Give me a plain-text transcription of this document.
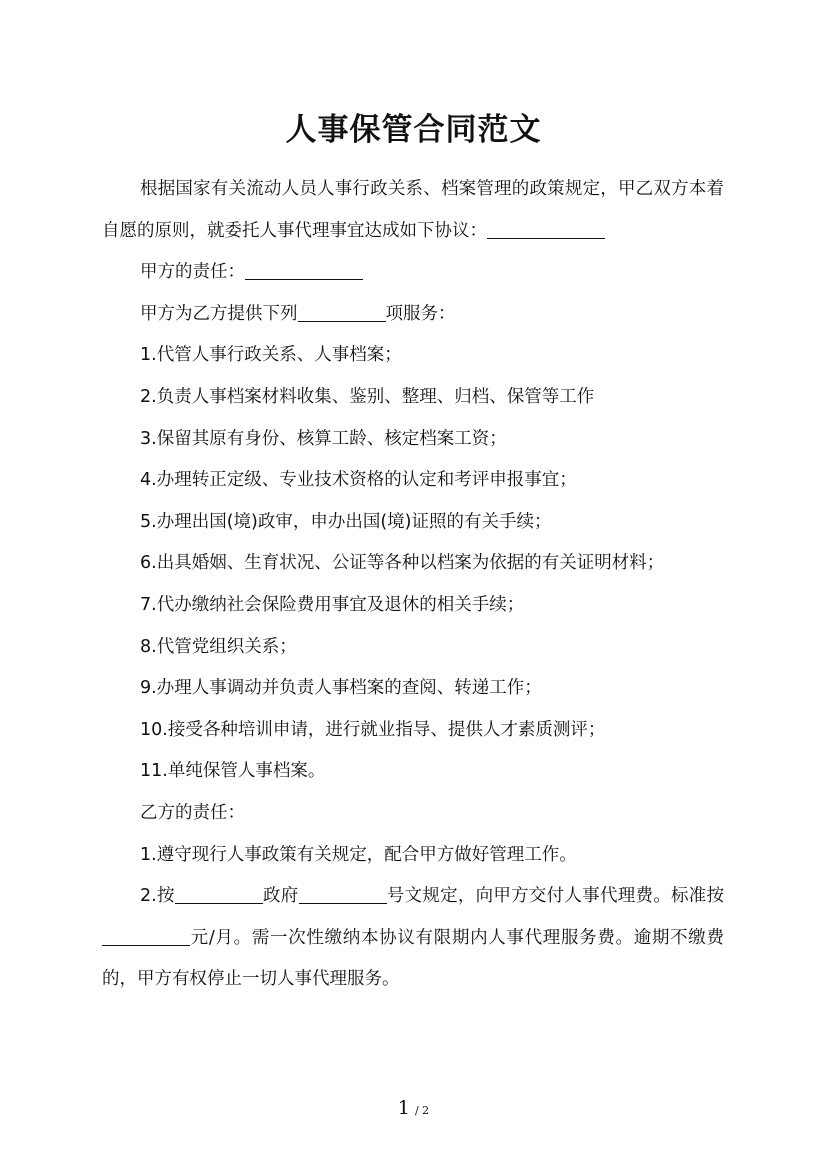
人事保管合同范文

根据国家有关流动人员人事行政关系、档案管理的政策规定，甲乙双方本着自愿的原则，就委托人事代理事宜达成如下协议：

甲方的责任：

甲方为乙方提供下列	项服务：

1.代管人事行政关系、人事档案；

2.负责人事档案材料收集、鉴别、整理、归档、保管等工作

3.保留其原有身份、核算工龄、核定档案工资；

4.办理转正定级、专业技术资格的认定和考评申报事宜；

5.办理出国(境)政审，申办出国(境)证照的有关手续；

6.出具婚姻、生育状况、公证等各种以档案为依据的有关证明材料；

7.代办缴纳社会保险费用事宜及退休的相关手续；

8.代管党组织关系；

9.办理人事调动并负责人事档案的查阅、转递工作；

10.接受各种培训申请，进行就业指导、提供人才素质测评；

11.单纯保管人事档案。

乙方的责任：

1.遵守现行人事政策有关规定，配合甲方做好管理工作。

2.按	政府	号文规定，向甲方交付人事代理费。标准按元/月。需一次性缴纳本协议有限期内人事代理服务费。逾期不缴费的，甲方有权停止一切人事代理服务。

1 / 2
